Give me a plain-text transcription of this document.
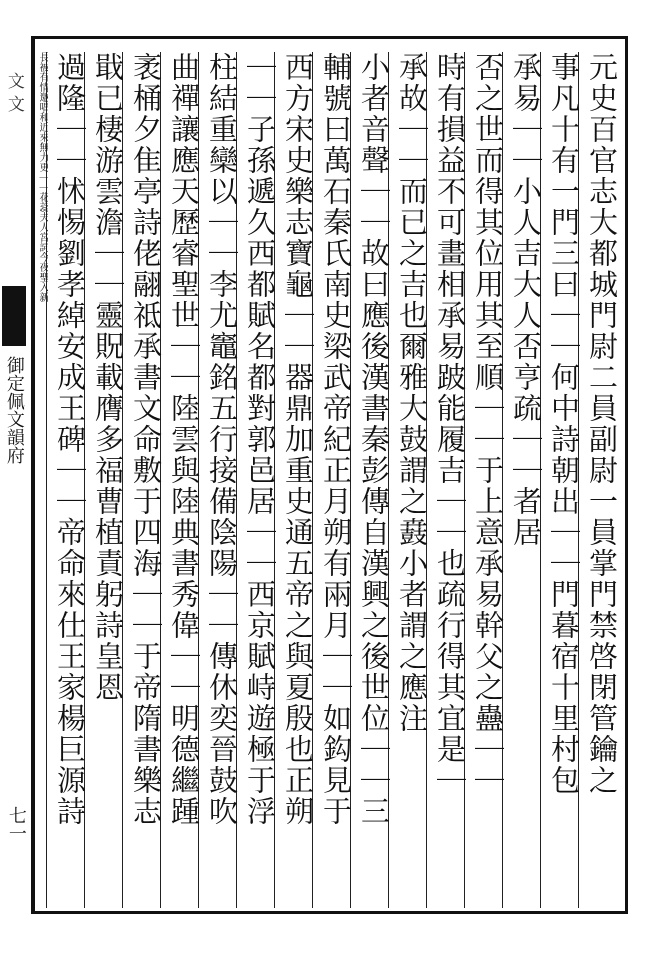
文文
御定佩文韻府
七一
元史百官志大都城門尉二員副尉一員掌門禁啓閉管鑰之
事凡十有一門三曰｜｜何中詩朝出｜｜門暮宿十里村包
承易｜｜小人吉大人否亨疏｜｜者居
否之世而得其位用其至順｜｜于上意承易幹父之蠱｜｜
時有損益不可畫相承易跛能履吉｜｜也疏行得其宜是｜
承故｜｜而已之吉也爾雅大鼓謂之鼖小者謂之應注
小者音聲｜｜故曰應後漢書秦彭傳自漢興之後世位｜｜三
輔號曰萬石秦氏南史梁武帝紀正月朔有兩月｜｜如鈎見于
西方宋史樂志寶龜｜｜器鼎加重史通五帝之與夏殷也正朔
｜｜子孫遞久西都賦名都對郭邑居｜｜西京賦峙遊極于浮
柱結重欒以｜｜李尤竈銘五行接備陰陽｜｜傳休奕晉鼓吹
曲禪讓應天歷睿聖世｜｜陸雲與陸典書秀偉｜｜明德繼踵
袤桶夕隹亭詩佬翮祗承書文命敷于四海｜｜于帝隋書樂志
戢已棲游雲澹｜｜靈貺載膺多福曹植責躬詩皇恩
過隆｜｜怵惕劉孝綽安成王碑｜｜帝命來仕王家楊巨源詩
長被有情邀唱和近來無力更｜｜花蕊夫人宮詞今夜聖入新
